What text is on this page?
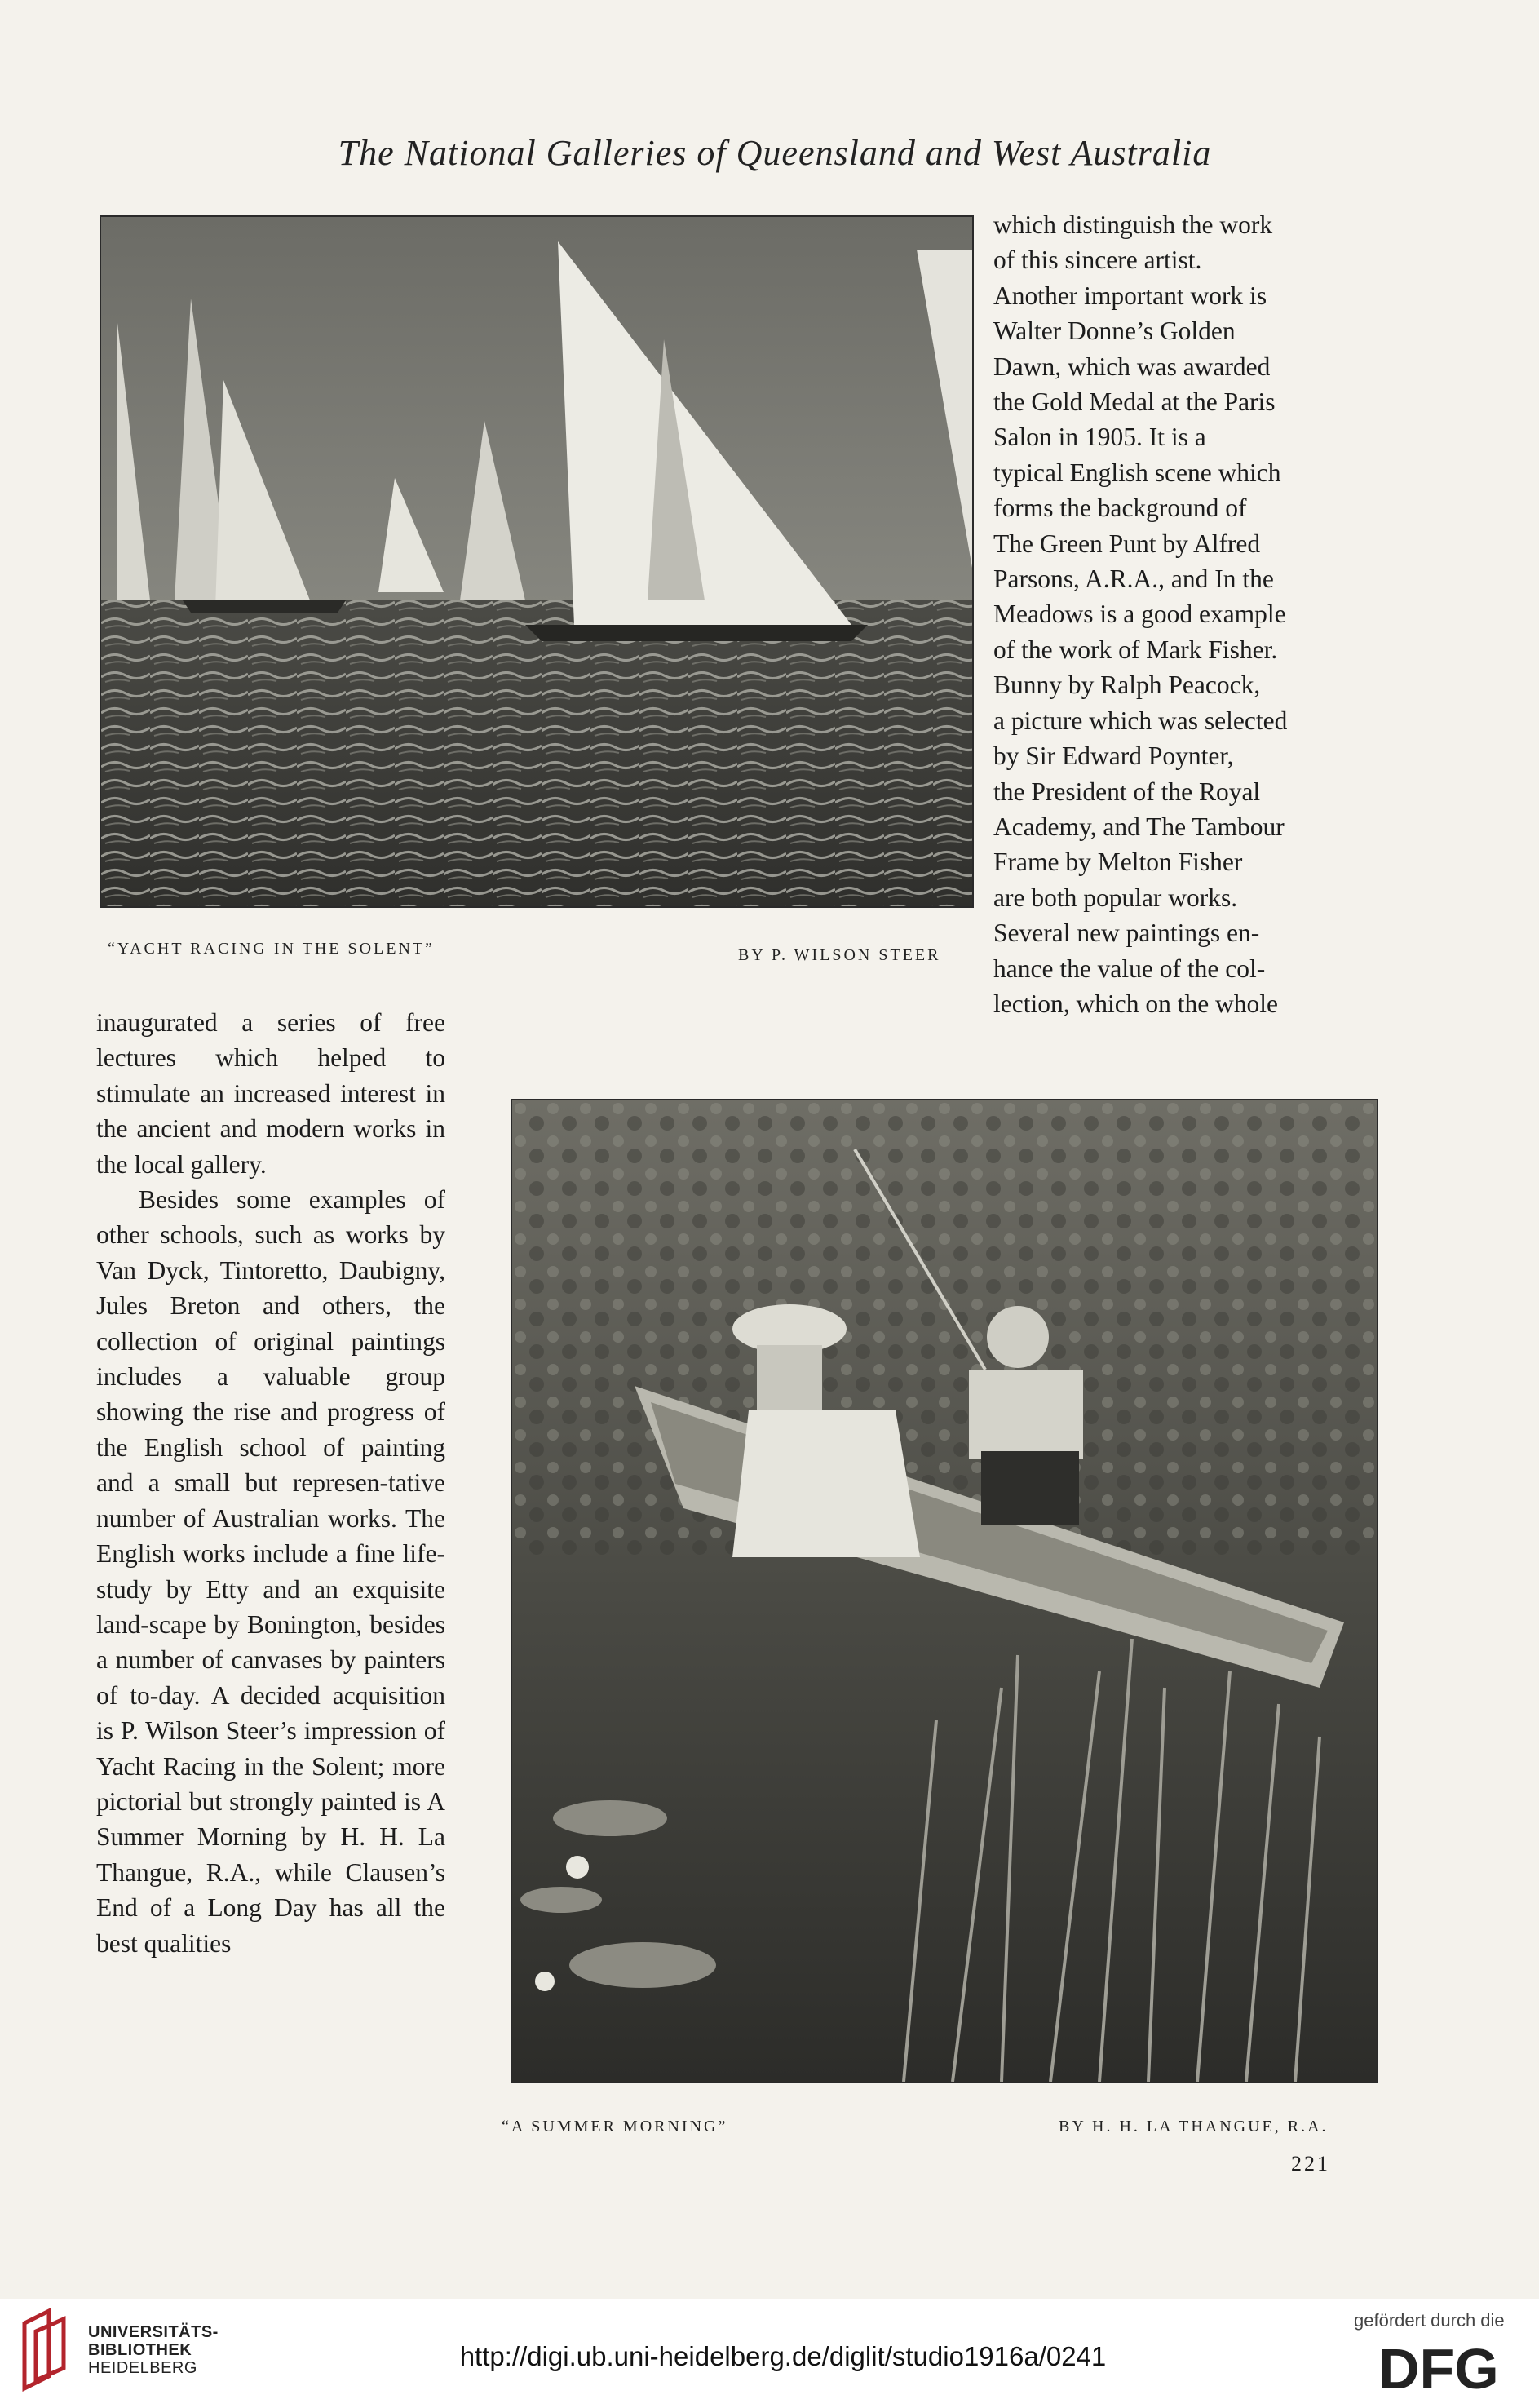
The National Galleries of Queensland and West Australia
“YACHT RACING IN THE SOLENT”	BY P. WILSON STEER
which distinguish the work
of this sincere artist.
Another important work is
Walter Donne’s Golden
Dawn, which was awarded
the Gold Medal at the Paris
Salon in 1905. It is a
typical English scene which
forms the background of
The Green Punt by Alfred
Parsons, A.R.A., and In the
Meadows is a good example
of the work of Mark Fisher.
Bunny by Ralph Peacock,
a picture which was selected
by Sir Edward Poynter,
the President of the Royal
Academy, and The Tambour
Frame by Melton Fisher
are both popular works.
Several new paintings en-
hance the value of the col-
lection, which on the whole

inaugurated a series of free lectures which helped to stimulate an increased interest in the ancient and modern works in the local gallery.

Besides some examples of other schools, such as works by Van Dyck, Tintoretto, Daubigny, Jules Breton and others, the collection of original paintings includes a valuable group showing the rise and progress of the English school of painting and a small but represen-tative number of Australian works. The English works include a fine life-study by Etty and an exquisite land-scape by Bonington, besides a number of canvases by painters of to-day. A decided acquisition is P. Wilson Steer’s impression of Yacht Racing in the Solent; more pictorial but strongly painted is A Summer Morning by H. H. La Thangue, R.A., while Clausen’s End of a Long Day has all the best qualities

“A SUMMER MORNING”	BY H. H. LA THANGUE, R.A.
221
UNIVERSITÄTS-
BIBLIOTHEK
HEIDELBERG	http://digi.ub.uni-heidelberg.de/diglit/studio1916a/0241
gefördert durch die
DFG
